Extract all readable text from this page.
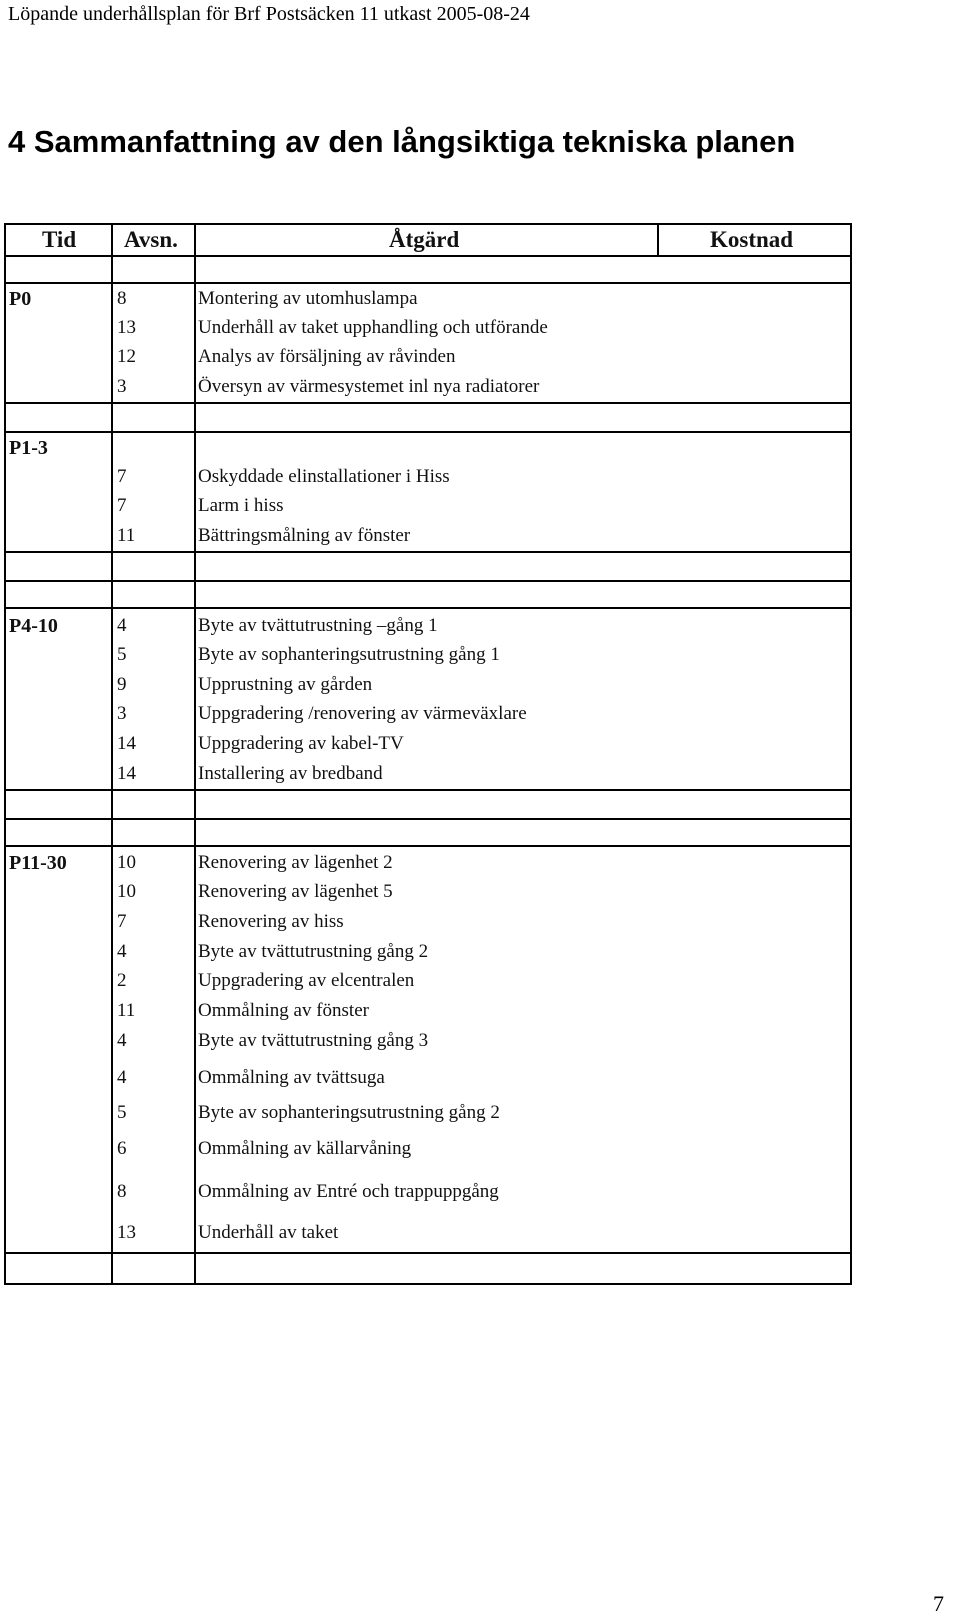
Löpande underhållsplan för Brf Postsäcken 11 utkast 2005-08-24
4 Sammanfattning av den långsiktiga tekniska planen
Tid Avsn.	Åtgärd	Kostnad
P0	8	Montering av utomhuslampa
13	Underhåll av taket upphandling och utförande
12	Analys av försäljning av råvinden
3	Översyn av värmesystemet inl nya radiatorer
P1-3
7	Oskyddade elinstallationer i Hiss
7	Larm i hiss
11	Bättringsmålning av fönster
P4-10	4	Byte av tvättutrustning –gång 1
5	Byte av sophanteringsutrustning gång 1
9	Upprustning av gården
3	Uppgradering /renovering av värmeväxlare
14	Uppgradering av kabel-TV
14	Installering av bredband
P11-30	10	Renovering av lägenhet 2
10	Renovering av lägenhet 5
7	Renovering av hiss
4	Byte av tvättutrustning gång 2
2	Uppgradering av elcentralen
11	Ommålning av fönster
4	Byte av tvättutrustning gång 3
4	Ommålning av tvättsuga
5	Byte av sophanteringsutrustning gång 2
6	Ommålning av källarvåning
8	Ommålning av Entré och trappuppgång
13	Underhåll av taket
7
